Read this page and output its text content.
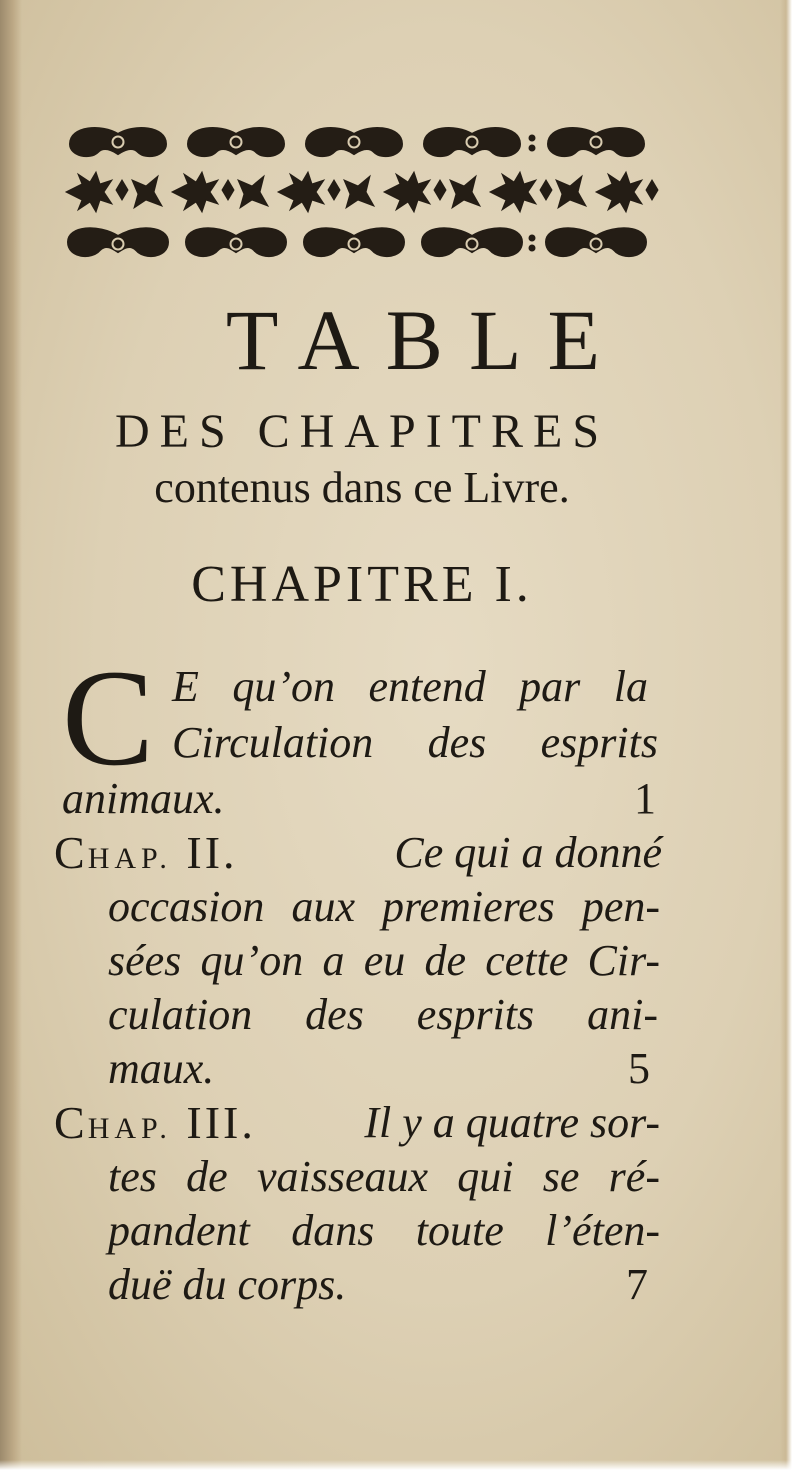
TABLE
DES CHAPITRES
contenus dans ce Livre.
CHAPITRE I.
C E qu’on entend par la
Circulation des esprits
animaux.	1
CHAP. II.	Ce qui a donné
occasion aux premieres pen-
sées qu’on a eu de cette Cir-
culation des esprits ani-
maux.	5
CHAP. III. Il y a quatre sor-
tes de vaisseaux qui se ré-
pandent dans toute l’éten-
duë du corps.	7
